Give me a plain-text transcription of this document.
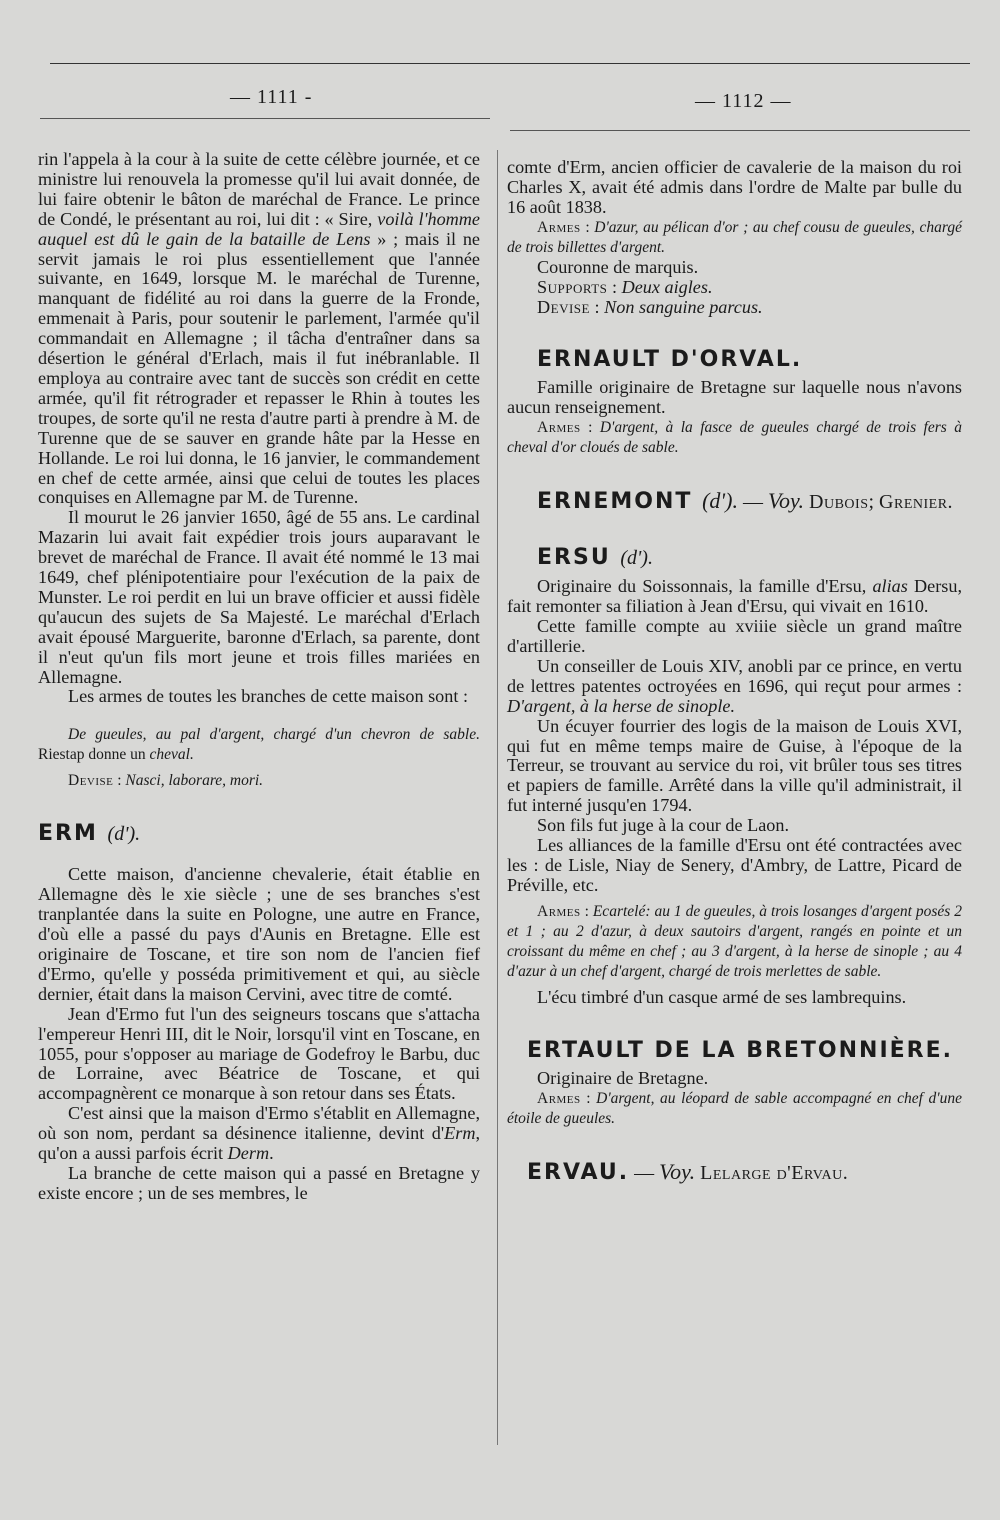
— 1111 -	— 1112 —

rin l'appela à la cour à la suite de cette célèbre journée, et ce ministre lui renouvela la promesse qu'il lui avait donnée, de lui faire obtenir le bâton de maréchal de France. Le prince de Condé, le présentant au roi, lui dit : « Sire, voilà l'homme auquel est dû le gain de la bataille de Lens » ; mais il ne servit jamais le roi plus essentiellement que l'année suivante, en 1649, lorsque M. le maréchal de Turenne, manquant de fidélité au roi dans la guerre de la Fronde, emmenait à Paris, pour soutenir le parlement, l'armée qu'il commandait en Allemagne ; il tâcha d'entraîner dans sa désertion le général d'Erlach, mais il fut inébranlable. Il employa au contraire avec tant de succès son crédit en cette armée, qu'il fit rétrograder et repasser le Rhin à toutes les troupes, de sorte qu'il ne resta d'autre parti à prendre à M. de Turenne que de se sauver en grande hâte par la Hesse en Hollande. Le roi lui donna, le 16 janvier, le commandement en chef de cette armée, ainsi que celui de toutes les places conquises en Allemagne par M. de Turenne.

Il mourut le 26 janvier 1650, âgé de 55 ans. Le cardinal Mazarin lui avait fait expédier trois jours auparavant le brevet de maréchal de France. Il avait été nommé le 13 mai 1649, chef plénipotentiaire pour l'exécution de la paix de Munster. Le roi perdit en lui un brave officier et aussi fidèle qu'aucun des sujets de Sa Majesté. Le maréchal d'Erlach avait épousé Marguerite, baronne d'Erlach, sa parente, dont il n'eut qu'un fils mort jeune et trois filles mariées en Allemagne.

Les armes de toutes les branches de cette maison sont :

De gueules, au pal d'argent, chargé d'un chevron de sable. Riestap donne un cheval.

Devise : Nasci, laborare, mori.

ERM (d').

Cette maison, d'ancienne chevalerie, était établie en Allemagne dès le xie siècle ; une de ses branches s'est tranplantée dans la suite en Pologne, une autre en France, d'où elle a passé du pays d'Aunis en Bretagne. Elle est originaire de Toscane, et tire son nom de l'ancien fief d'Ermo, qu'elle y posséda primitivement et qui, au siècle dernier, était dans la maison Cervini, avec titre de comté.

Jean d'Ermo fut l'un des seigneurs toscans que s'attacha l'empereur Henri III, dit le Noir, lorsqu'il vint en Toscane, en 1055, pour s'opposer au mariage de Godefroy le Barbu, duc de Lorraine, avec Béatrice de Toscane, et qui accompagnèrent ce monarque à son retour dans ses États.

C'est ainsi que la maison d'Ermo s'établit en Allemagne, où son nom, perdant sa désinence italienne, devint d'Erm, qu'on a aussi parfois écrit Derm.

La branche de cette maison qui a passé en Bretagne y existe encore ; un de ses membres, le

comte d'Erm, ancien officier de cavalerie de la maison du roi Charles X, avait été admis dans l'ordre de Malte par bulle du 16 août 1838.

Armes : D'azur, au pélican d'or ; au chef cousu de gueules, chargé de trois billettes d'argent.

Couronne de marquis.

Supports : Deux aigles.

Devise : Non sanguine parcus.

ERNAULT D'ORVAL.

Famille originaire de Bretagne sur laquelle nous n'avons aucun renseignement.

Armes : D'argent, à la fasce de gueules chargé de trois fers à cheval d'or cloués de sable.

ERNEMONT (d'). — Voy. Dubois; Grenier.

ERSU (d').

Originaire du Soissonnais, la famille d'Ersu, alias Dersu, fait remonter sa filiation à Jean d'Ersu, qui vivait en 1610.

Cette famille compte au xviiie siècle un grand maître d'artillerie.

Un conseiller de Louis XIV, anobli par ce prince, en vertu de lettres patentes octroyées en 1696, qui reçut pour armes : D'argent, à la herse de sinople.

Un écuyer fourrier des logis de la maison de Louis XVI, qui fut en même temps maire de Guise, à l'époque de la Terreur, se trouvant au service du roi, vit brûler tous ses titres et papiers de famille. Arrêté dans la ville qu'il administrait, il fut interné jusqu'en 1794.

Son fils fut juge à la cour de Laon.

Les alliances de la famille d'Ersu ont été contractées avec les : de Lisle, Niay de Senery, d'Ambry, de Lattre, Picard de Préville, etc.

Armes : Ecartelé: au 1 de gueules, à trois losanges d'argent posés 2 et 1 ; au 2 d'azur, à deux sautoirs d'argent, rangés en pointe et un croissant du même en chef ; au 3 d'argent, à la herse de sinople ; au 4 d'azur à un chef d'argent, chargé de trois merlettes de sable.

L'écu timbré d'un casque armé de ses lambrequins.

ERTAULT DE LA BRETONNIÈRE.

Originaire de Bretagne.

Armes : D'argent, au léopard de sable accompagné en chef d'une étoile de gueules.

ERVAU. — Voy. Lelarge d'Ervau.
